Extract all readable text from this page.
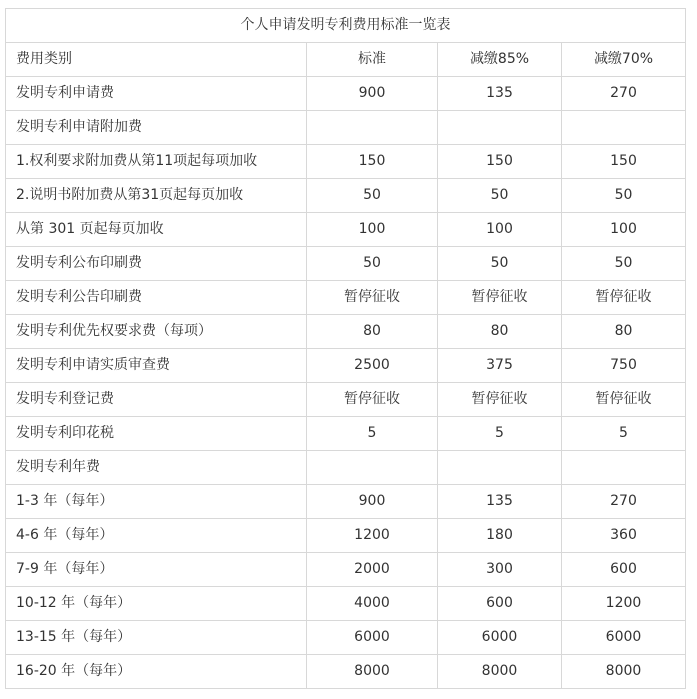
个人申请发明专利费用标准一览表			
费用类别	标准	减缴85%	减缴70%
发明专利申请费	900	135	270
发明专利申请附加费			
1.权利要求附加费从第11项起每项加收	150	150	150
2.说明书附加费从第31页起每页加收	50	50	50
从第 301 页起每页加收	100	100	100
发明专利公布印刷费	50	50	50
发明专利公告印刷费	暂停征收	暂停征收	暂停征收
发明专利优先权要求费（每项）	80	80	80
发明专利申请实质审查费	2500	375	750
发明专利登记费	暂停征收	暂停征收	暂停征收
发明专利印花税	5	5	5
发明专利年费			
1-3 年（每年）	900	135	270
4-6 年（每年）	1200	180	360
7-9 年（每年）	2000	300	600
10-12 年（每年）	4000	600	1200
13-15 年（每年）	6000	6000	6000
16-20 年（每年）	8000	8000	8000
